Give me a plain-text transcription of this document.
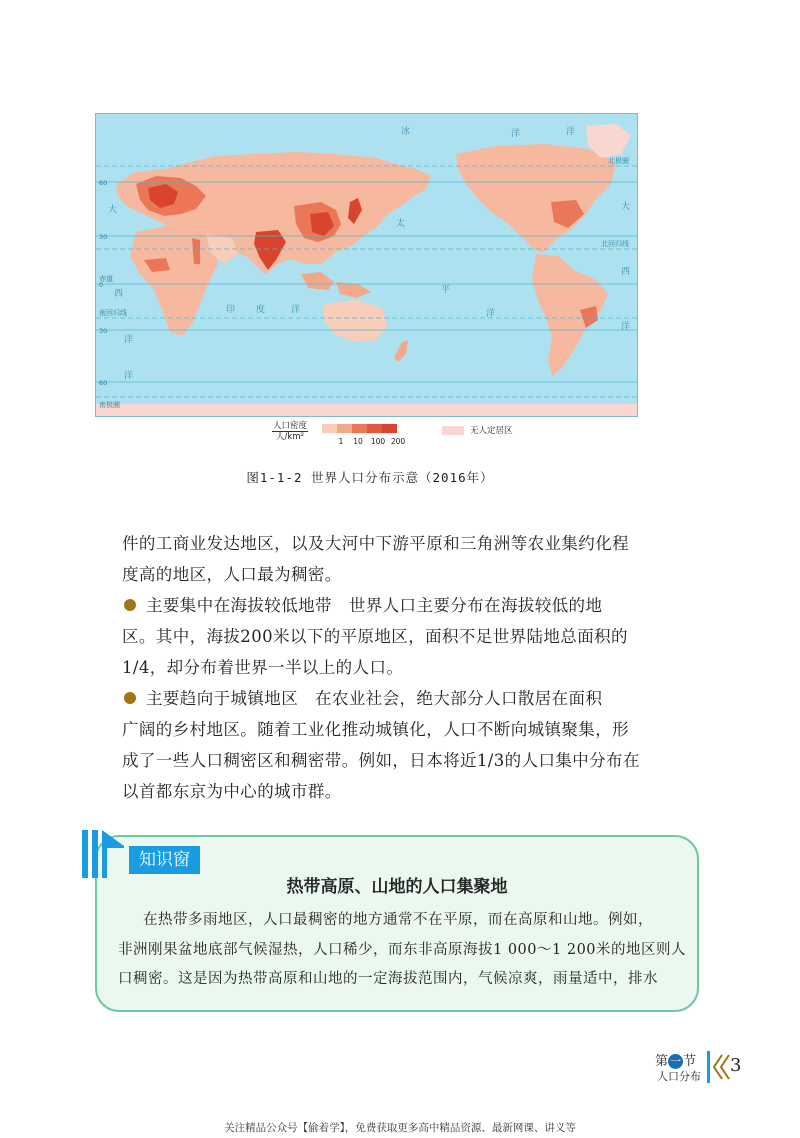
60
30
0
30
60
北极圈
北回归线
赤道
南回归线
南极圈
冰	洋
大
西
洋
印 度	洋
太
平
洋
大
西
洋
洋
洋
人口密度
人/km²	1 10 100 200
无人定居区
图1-1-2 世界人口分布示意（2016年）
件的工商业发达地区，以及大河中下游平原和三角洲等农业集约化程
度高的地区，人口最为稠密。
主要集中在海拔较低地带 世界人口主要分布在海拔较低的地
区。其中，海拔200米以下的平原地区，面积不足世界陆地总面积的
1/4，却分布着世界一半以上的人口。
主要趋向于城镇地区 在农业社会，绝大部分人口散居在面积
广阔的乡村地区。随着工业化推动城镇化，人口不断向城镇聚集，形
成了一些人口稠密区和稠密带。例如，日本将近1/3的人口集中分布在
以首都东京为中心的城市群。
知识窗
热带高原、山地的人口集聚地
在热带多雨地区，人口最稠密的地方通常不在平原，而在高原和山地。例如，
非洲刚果盆地底部气候湿热，人口稀少，而东非高原海拔1 000～1 200米的地区则人
口稠密。这是因为热带高原和山地的一定海拔范围内，气候凉爽，雨量适中，排水
第 一 节
人口分布
3
关注精品公众号【偷着学】，免费获取更多高中精品资源、最新网课、讲义等
